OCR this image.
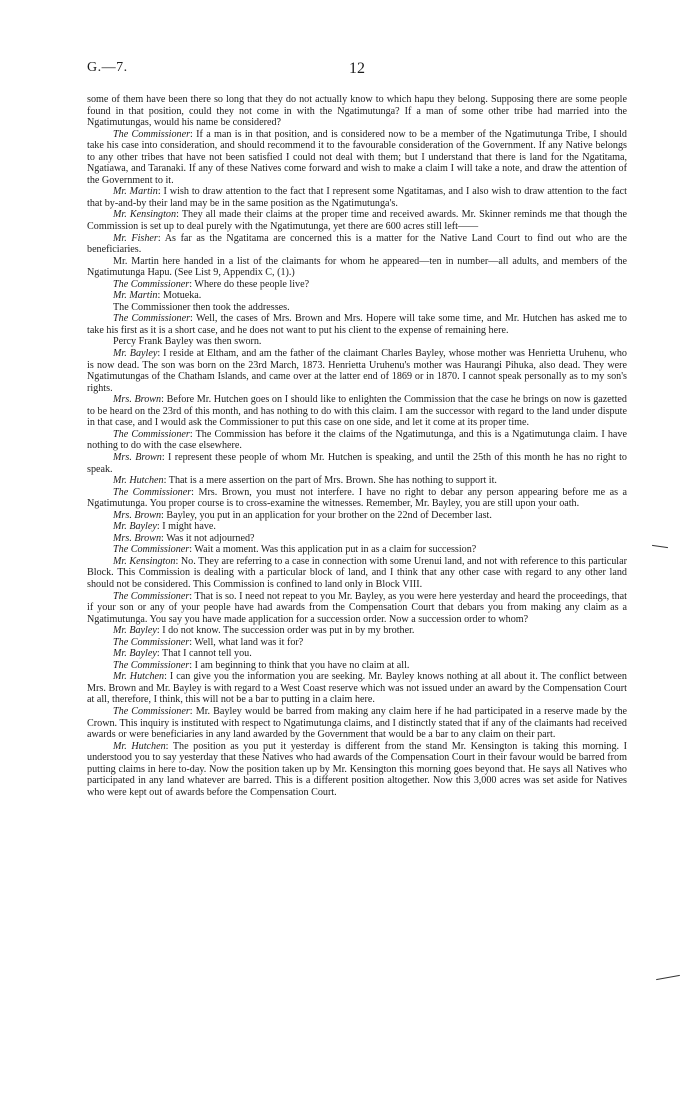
G.—7.	12

some of them have been there so long that they do not actually know to which hapu they belong. Supposing there are some people found in that position, could they not come in with the Ngatimutunga? If a man of some other tribe had married into the Ngatimutungas, would his name be considered?

The Commissioner: If a man is in that position, and is considered now to be a member of the Ngatimutunga Tribe, I should take his case into consideration, and should recommend it to the favourable consideration of the Government. If any Native belongs to any other tribes that have not been satisfied I could not deal with them; but I understand that there is land for the Ngatitama, Ngatiawa, and Taranaki. If any of these Natives come forward and wish to make a claim I will take a note, and draw the attention of the Government to it.

Mr. Martin: I wish to draw attention to the fact that I represent some Ngatitamas, and I also wish to draw attention to the fact that by-and-by their land may be in the same position as the Ngatimutunga's.

Mr. Kensington: They all made their claims at the proper time and received awards. Mr. Skinner reminds me that though the Commission is set up to deal purely with the Ngatimutunga, yet there are 600 acres still left——

Mr. Fisher: As far as the Ngatitama are concerned this is a matter for the Native Land Court to find out who are the beneficiaries.

Mr. Martin here handed in a list of the claimants for whom he appeared—ten in number—all adults, and members of the Ngatimutunga Hapu. (See List 9, Appendix C, (1).)

The Commissioner: Where do these people live?

Mr. Martin: Motueka.

The Commissioner then took the addresses.

The Commissioner: Well, the cases of Mrs. Brown and Mrs. Hopere will take some time, and Mr. Hutchen has asked me to take his first as it is a short case, and he does not want to put his client to the expense of remaining here.

Percy Frank Bayley was then sworn.

Mr. Bayley: I reside at Eltham, and am the father of the claimant Charles Bayley, whose mother was Henrietta Uruhenu, who is now dead. The son was born on the 23rd March, 1873. Henrietta Uruhenu's mother was Haurangi Pihuka, also dead. They were Ngatimutungas of the Chatham Islands, and came over at the latter end of 1869 or in 1870. I cannot speak personally as to my son's rights.

Mrs. Brown: Before Mr. Hutchen goes on I should like to enlighten the Commission that the case he brings on now is gazetted to be heard on the 23rd of this month, and has nothing to do with this claim. I am the successor with regard to the land under dispute in that case, and I would ask the Commissioner to put this case on one side, and let it come at its proper time.

The Commissioner: The Commission has before it the claims of the Ngatimutunga, and this is a Ngatimutunga claim. I have nothing to do with the case elsewhere.

Mrs. Brown: I represent these people of whom Mr. Hutchen is speaking, and until the 25th of this month he has no right to speak.

Mr. Hutchen: That is a mere assertion on the part of Mrs. Brown. She has nothing to support it.

The Commissioner: Mrs. Brown, you must not interfere. I have no right to debar any person appearing before me as a Ngatimutunga. You proper course is to cross-examine the witnesses. Remember, Mr. Bayley, you are still upon your oath.

Mrs. Brown: Bayley, you put in an application for your brother on the 22nd of December last.

Mr. Bayley: I might have.

Mrs. Brown: Was it not adjourned?

The Commissioner: Wait a moment. Was this application put in as a claim for succession?

Mr. Kensington: No. They are referring to a case in connection with some Urenui land, and not with reference to this particular Block. This Commission is dealing with a particular block of land, and I think that any other case with regard to any other land should not be considered. This Commission is confined to land only in Block VIII.

The Commissioner: That is so. I need not repeat to you Mr. Bayley, as you were here yesterday and heard the proceedings, that if your son or any of your people have had awards from the Compensation Court that debars you from making any claim as a Ngatimutunga. You say you have made application for a succession order. Now a succession order to whom?

Mr. Bayley: I do not know. The succession order was put in by my brother.

The Commissioner: Well, what land was it for?

Mr. Bayley: That I cannot tell you.

The Commissioner: I am beginning to think that you have no claim at all.

Mr. Hutchen: I can give you the information you are seeking. Mr. Bayley knows nothing at all about it. The conflict between Mrs. Brown and Mr. Bayley is with regard to a West Coast reserve which was not issued under an award by the Compensation Court at all, therefore, I think, this will not be a bar to putting in a claim here.

The Commissioner: Mr. Bayley would be barred from making any claim here if he had participated in a reserve made by the Crown. This inquiry is instituted with respect to Ngatimutunga claims, and I distinctly stated that if any of the claimants had received awards or were beneficiaries in any land awarded by the Government that would be a bar to any claim on their part.

Mr. Hutchen: The position as you put it yesterday is different from the stand Mr. Kensington is taking this morning. I understood you to say yesterday that these Natives who had awards of the Compensation Court in their favour would be barred from putting claims in here to-day. Now the position taken up by Mr. Kensington this morning goes beyond that. He says all Natives who participated in any land whatever are barred. This is a different position altogether. Now this 3,000 acres was set aside for Natives who were kept out of awards before the Compensation Court.
